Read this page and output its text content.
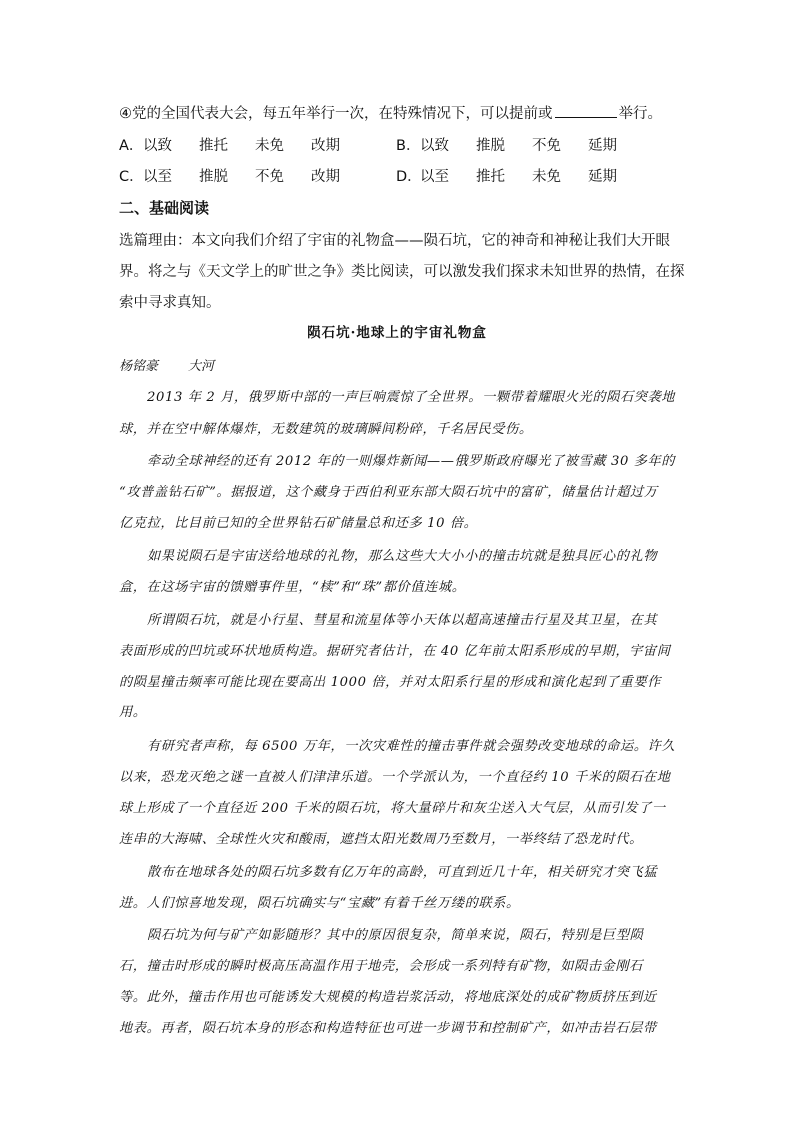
④党的全国代表大会，每五年举行一次，在特殊情况下，可以提前或	举行。
A．以致 推托 未免 改期	B．以致 推脱 不免 延期
C．以至 推脱 不免 改期	D．以至 推托 未免 延期
二、基础阅读
选篇理由：本文向我们介绍了宇宙的礼物盒——陨石坑，它的神奇和神秘让我们大开眼
界。将之与《天文学上的旷世之争》类比阅读，可以激发我们探求未知世界的热情，在探
索中寻求真知。
陨石坑·地球上的宇宙礼物盒
杨铭豪 大河
2013 年 2 月，俄罗斯中部的一声巨响震惊了全世界。一颗带着耀眼火光的陨石突袭地
球，并在空中解体爆炸，无数建筑的玻璃瞬间粉碎，千名居民受伤。
牵动全球神经的还有 2012 年的一则爆炸新闻——俄罗斯政府曝光了被雪藏 30 多年的
“攻普盖钻石矿”。据报道，这个藏身于西伯利亚东部大陨石坑中的富矿，储量估计超过万
亿克拉，比目前已知的全世界钻石矿储量总和还多 10 倍。
如果说陨石是宇宙送给地球的礼物，那么这些大大小小的撞击坑就是独具匠心的礼物
盒，在这场宇宙的馈赠事件里，“椟”和“珠”都价值连城。
所谓陨石坑，就是小行星、彗星和流星体等小天体以超高速撞击行星及其卫星，在其
表面形成的凹坑或环状地质构造。据研究者估计，在 40 亿年前太阳系形成的早期，宇宙间
的陨星撞击频率可能比现在要高出 1000 倍，并对太阳系行星的形成和演化起到了重要作
用。
有研究者声称，每 6500 万年，一次灾难性的撞击事件就会强势改变地球的命运。许久
以来，恐龙灭绝之谜一直被人们津津乐道。一个学派认为，一个直径约 10 千米的陨石在地
球上形成了一个直径近 200 千米的陨石坑，将大量碎片和灰尘送入大气层，从而引发了一
连串的大海啸、全球性火灾和酸雨，遮挡太阳光数周乃至数月，一举终结了恐龙时代。
散布在地球各处的陨石坑多数有亿万年的高龄，可直到近几十年，相关研究才突飞猛
进。人们惊喜地发现，陨石坑确实与“宝藏”有着千丝万缕的联系。
陨石坑为何与矿产如影随形？其中的原因很复杂，简单来说，陨石，特别是巨型陨
石，撞击时形成的瞬时极高压高温作用于地壳，会形成一系列特有矿物，如陨击金刚石
等。此外，撞击作用也可能诱发大规模的构造岩浆活动，将地底深处的成矿物质挤压到近
地表。再者，陨石坑本身的形态和构造特征也可进一步调节和控制矿产，如冲击岩石层带
